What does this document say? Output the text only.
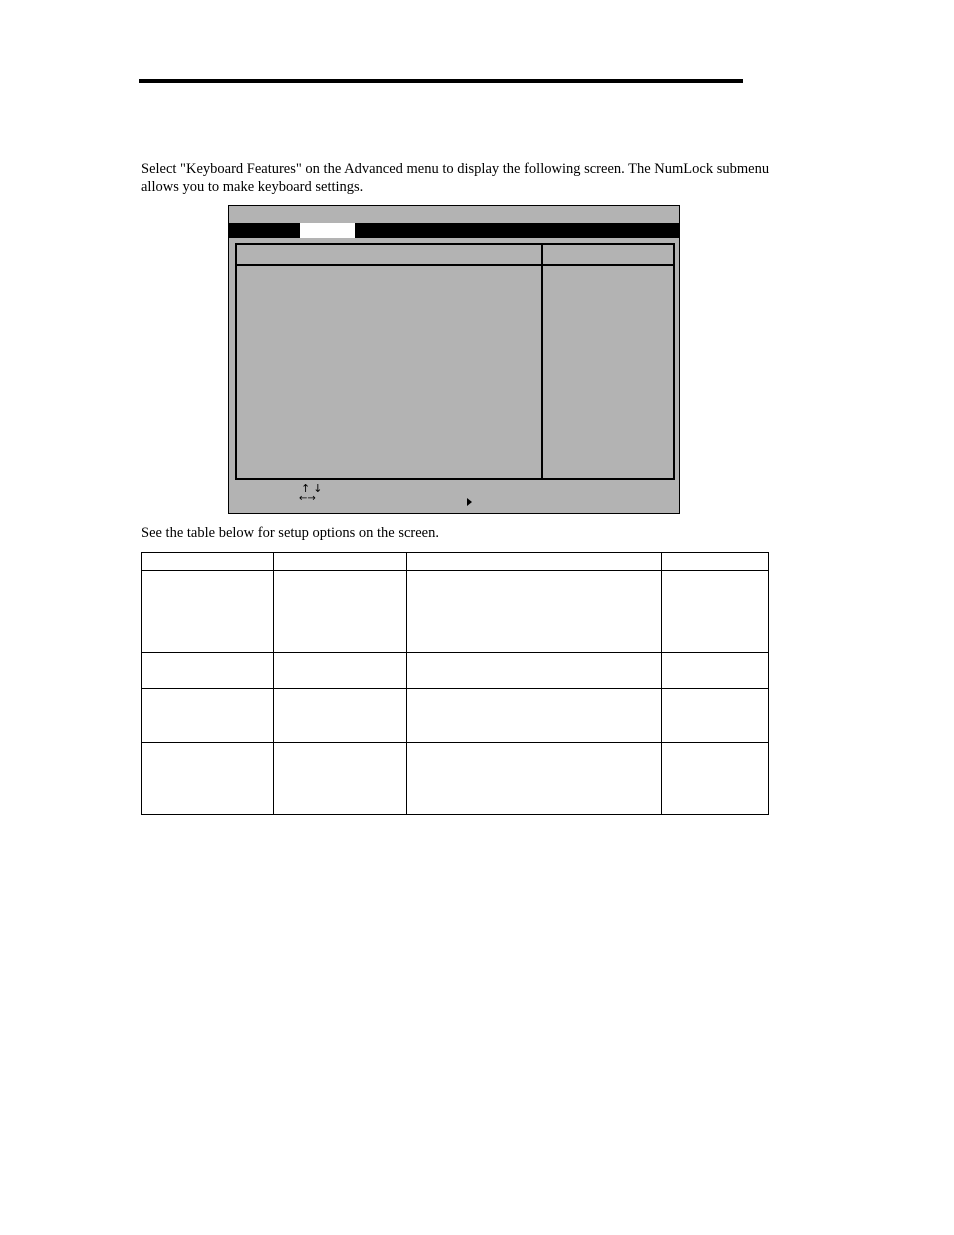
Select "Keyboard Features" on the Advanced menu to display the following screen. The NumLock submenu allows you to make keyboard settings.
↑↓
←→
See the table below for setup options on the screen.
